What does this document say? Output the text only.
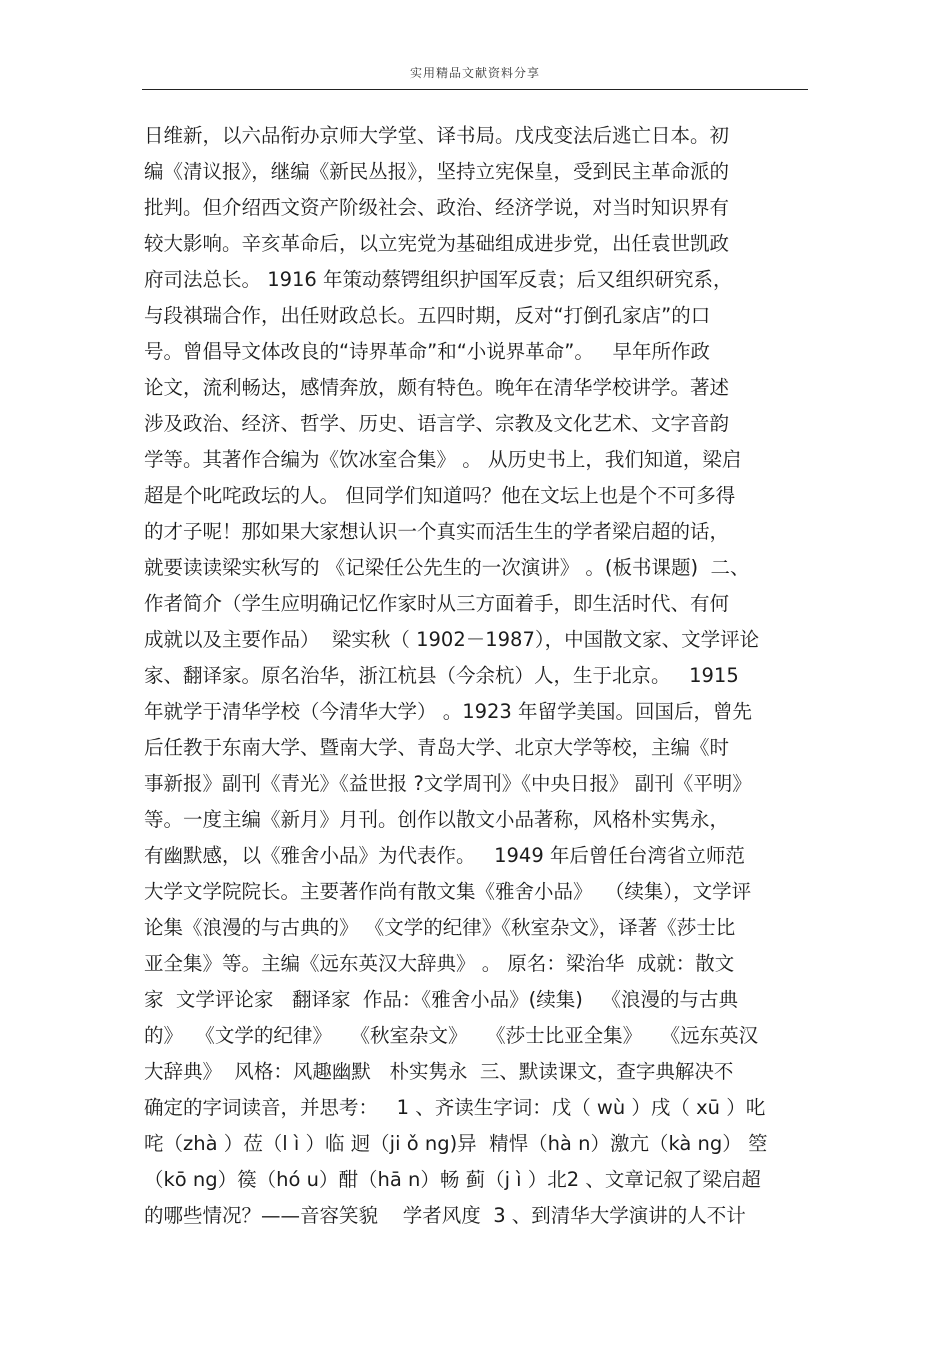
实用精品文献资料分享
日维新，以六品衔办京师大学堂、译书局。戊戌变法后逃亡日本。初
编《清议报》，继编《新民丛报》，坚持立宪保皇，受到民主革命派的
批判。但介绍西文资产阶级社会、政治、经济学说，对当时知识界有
较大影响。辛亥革命后，以立宪党为基础组成进步党，出任袁世凯政
府司法总长。 1916 年策动蔡锷组织护国军反袁；后又组织研究系，
与段祺瑞合作，出任财政总长。五四时期，反对“打倒孔家店”的口
号。曾倡导文体改良的“诗界革命”和“小说界革命”。   早年所作政
论文，流利畅达，感情奔放，颇有特色。晚年在清华学校讲学。著述
涉及政治、经济、哲学、历史、语言学、宗教及文化艺术、文字音韵
学等。其著作合编为《饮冰室合集》 。 从历史书上，我们知道，梁启
超是个叱咤政坛的人。 但同学们知道吗？他在文坛上也是个不可多得
的才子呢！那如果大家想认识一个真实而活生生的学者梁启超的话，
就要读读梁实秋写的 《记梁任公先生的一次演讲》 。(板书课题)  二、
作者简介（学生应明确记忆作家时从三方面着手，即生活时代、有何
成就以及主要作品）  梁实秋（ 1902－1987），中国散文家、文学评论
家、翻译家。原名治华，浙江杭县（今余杭）人，生于北京。   1915
年就学于清华学校（今清华大学） 。1923 年留学美国。回国后，曾先
后任教于东南大学、暨南大学、青岛大学、北京大学等校，主编《时
事新报》副刊《青光》《益世报 ?文学周刊》《中央日报》 副刊《平明》
等。一度主编《新月》月刊。创作以散文小品著称，风格朴实隽永，
有幽默感，以《雅舍小品》为代表作。   1949 年后曾任台湾省立师范
大学文学院院长。主要著作尚有散文集《雅舍小品》  （续集），文学评
论集《浪漫的与古典的》 《文学的纪律》《秋室杂文》，译著《莎士比
亚全集》等。主编《远东英汉大辞典》 。 原名：梁治华  成就：散文
家  文学评论家   翻译家  作品：《雅舍小品》(续集)   《浪漫的与古典
的》  《文学的纪律》   《秋室杂文》   《莎士比亚全集》   《远东英汉
大辞典》  风格：风趣幽默   朴实隽永  三、默读课文，查字典解决不
确定的字词读音，并思考：   1 、齐读生字词：戊（ wù ）戌（ xū ）叱
咤（zhà ）莅（l ì ）临 迥（ji ǒ ng)异  精悍（hà n）激亢（kà ng） 箜
（kō ng）篌（hó u）酣（hā n）畅 蓟（j ì ）北2 、文章记叙了梁启超
的哪些情况？——音容笑貌    学者风度  3 、到清华大学演讲的人不计
